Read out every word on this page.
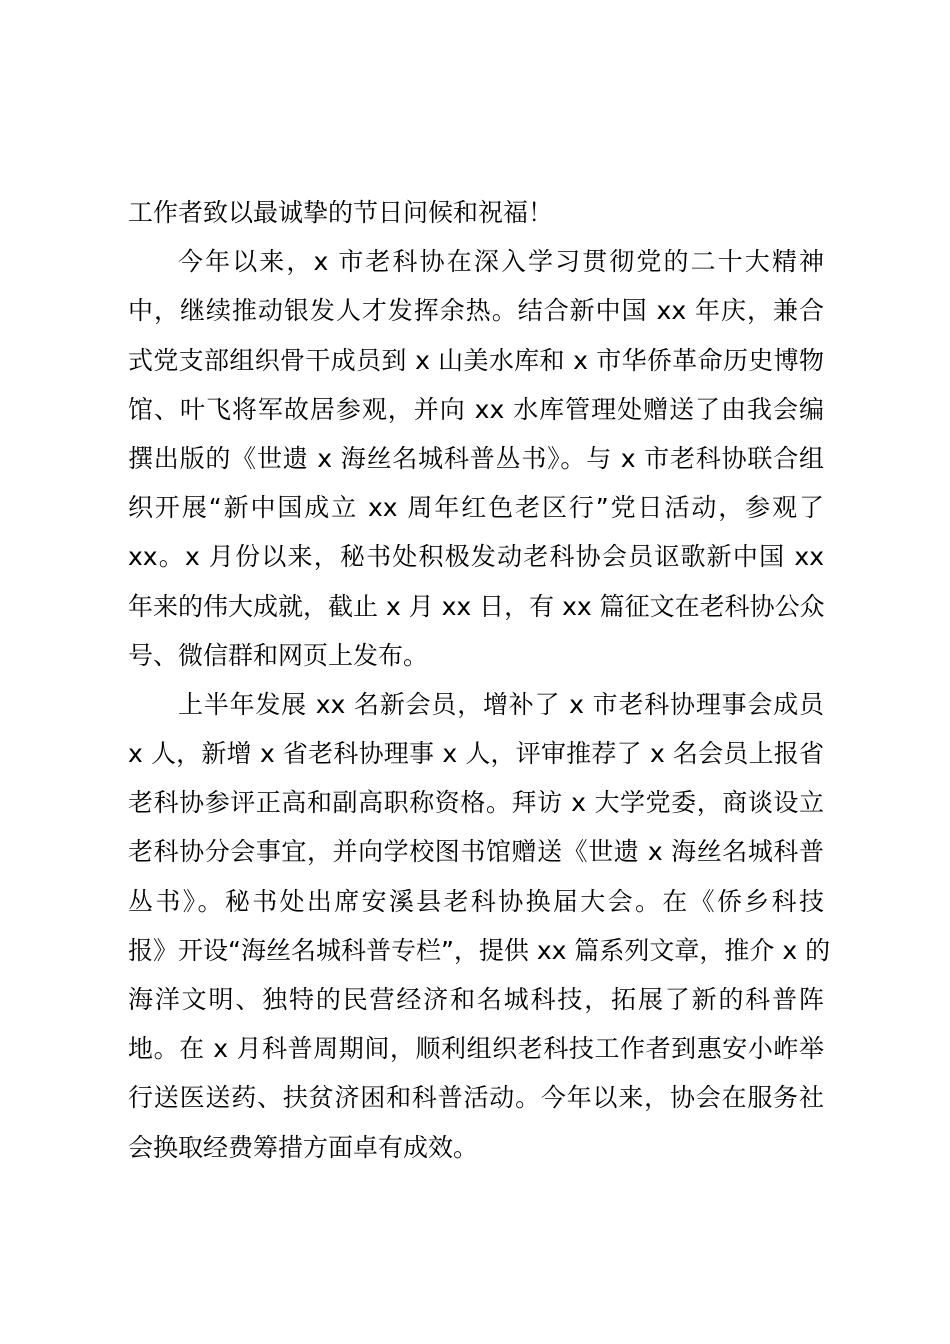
工作者致以最诚挚的节日问候和祝福！
今年以来，x 市老科协在深入学习贯彻党的二十大精神
中，继续推动银发人才发挥余热。结合新中国 xx 年庆，兼合
式党支部组织骨干成员到 x 山美水库和 x 市华侨革命历史博物
馆、叶飞将军故居参观，并向 xx 水库管理处赠送了由我会编
撰出版的《世遗 x 海丝名城科普丛书》。与 x 市老科协联合组
织开展“新中国成立 xx 周年红色老区行”党日活动，参观了
xx。x 月份以来，秘书处积极发动老科协会员讴歌新中国 xx
年来的伟大成就，截止 x 月 xx 日，有 xx 篇征文在老科协公众
号、微信群和网页上发布。
上半年发展 xx 名新会员，增补了 x 市老科协理事会成员
x 人，新增 x 省老科协理事 x 人，评审推荐了 x 名会员上报省
老科协参评正高和副高职称资格。拜访 x 大学党委，商谈设立
老科协分会事宜，并向学校图书馆赠送《世遗 x 海丝名城科普
丛书》。秘书处出席安溪县老科协换届大会。在《侨乡科技
报》开设“海丝名城科普专栏”，提供 xx 篇系列文章，推介 x 的
海洋文明、独特的民营经济和名城科技，拓展了新的科普阵
地。在 x 月科普周期间，顺利组织老科技工作者到惠安小岞举
行送医送药、扶贫济困和科普活动。今年以来，协会在服务社
会换取经费筹措方面卓有成效。
